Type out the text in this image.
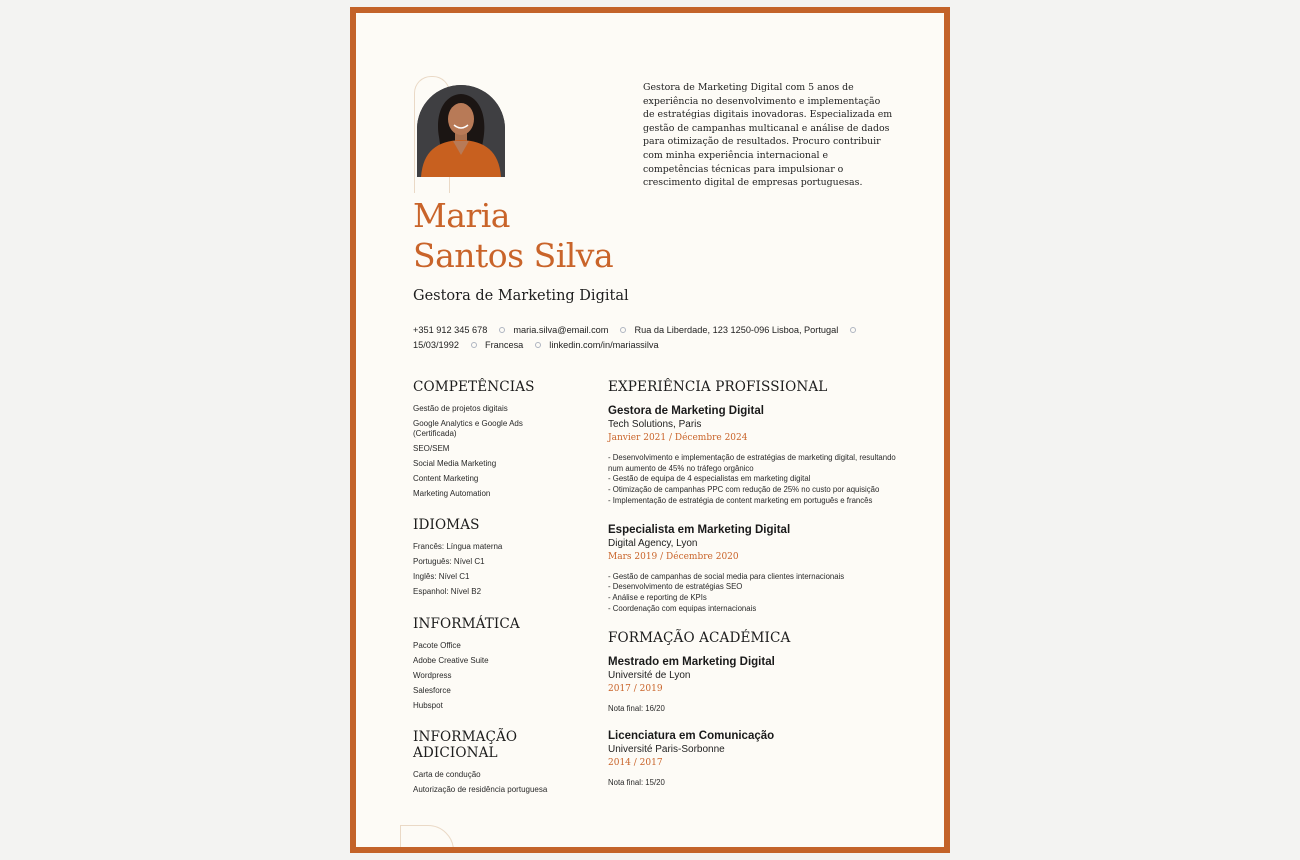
Gestora de Marketing Digital com 5 anos de experiência no desenvolvimento e implementação de estratégias digitais inovadoras. Especializada em gestão de campanhas multicanal e análise de dados para otimização de resultados. Procuro contribuir com minha experiência internacional e competências técnicas para impulsionar o crescimento digital de empresas portuguesas.
Maria
Santos Silva
Gestora de Marketing Digital
+351 912 345 678	maria.silva@email.com	Rua da Liberdade, 123 1250-096 Lisboa, Portugal15/03/1992	Francesa	linkedin.com/in/mariassilva
COMPETÊNCIAS
Gestão de projetos digitais
Google Analytics e Google Ads (Certificada)
SEO/SEM
Social Media Marketing
Content Marketing
Marketing Automation
IDIOMAS
Francês: Língua materna
Português: Nível C1
Inglês: Nível C1
Espanhol: Nível B2
INFORMÁTICA
Pacote Office
Adobe Creative Suite
Wordpress
Salesforce
Hubspot
INFORMAÇÃO
ADICIONAL
Carta de condução
Autorização de residência portuguesa
EXPERIÊNCIA PROFISSIONAL
Gestora de Marketing Digital
Tech Solutions, Paris
Janvier 2021 / Décembre 2024
- Desenvolvimento e implementação de estratégias de marketing digital, resultando num aumento de 45% no tráfego orgânico
- Gestão de equipa de 4 especialistas em marketing digital
- Otimização de campanhas PPC com redução de 25% no custo por aquisição
- Implementação de estratégia de content marketing em português e francês
Especialista em Marketing Digital
Digital Agency, Lyon
Mars 2019 / Décembre 2020
- Gestão de campanhas de social media para clientes internacionais
- Desenvolvimento de estratégias SEO
- Análise e reporting de KPIs
- Coordenação com equipas internacionais
FORMAÇÃO ACADÉMICA
Mestrado em Marketing Digital
Université de Lyon
2017 / 2019
Nota final: 16/20
Licenciatura em Comunicação
Université Paris-Sorbonne
2014 / 2017
Nota final: 15/20
